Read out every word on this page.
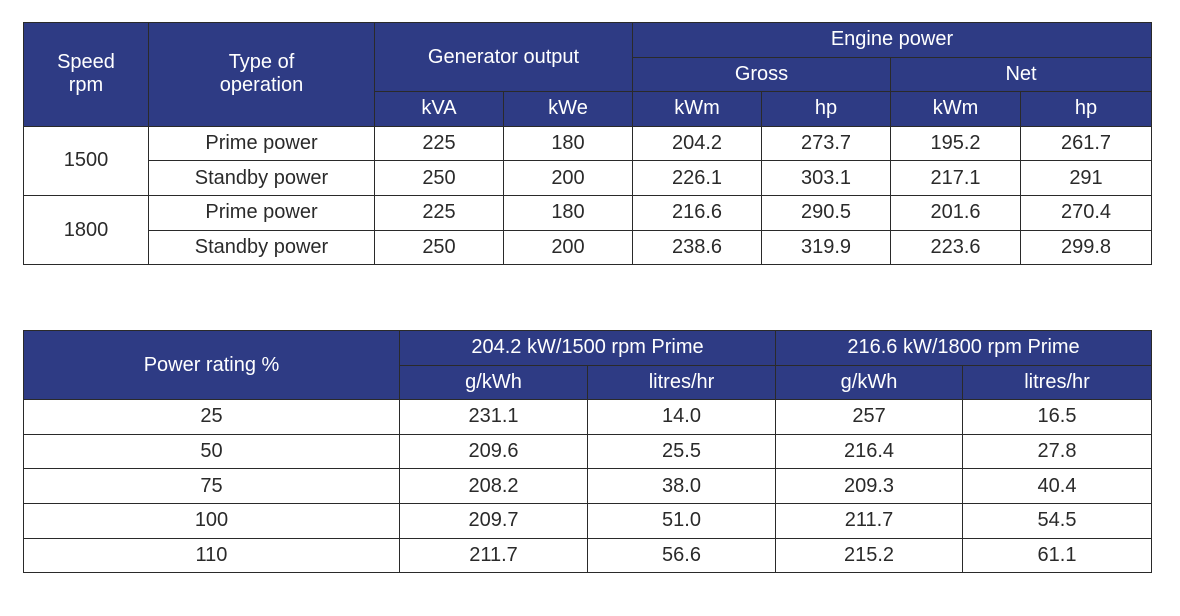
Speed rpm	Type of operation	Generator output		Engine power			
				Gross		Net	
		kVA	kWe	kWm	hp	kWm	hp
1500	Prime power	225	180	204.2	273.7	195.2	261.7
	Standby power	250	200	226.1	303.1	217.1	291
1800	Prime power	225	180	216.6	290.5	201.6	270.4
	Standby power	250	200	238.6	319.9	223.6	299.8
Power rating %	204.2 kW/1500 rpm Prime		216.6 kW/1800 rpm Prime	
	g/kWh	litres/hr	g/kWh	litres/hr
25	231.1	14.0	257	16.5
50	209.6	25.5	216.4	27.8
75	208.2	38.0	209.3	40.4
100	209.7	51.0	211.7	54.5
110	211.7	56.6	215.2	61.1
